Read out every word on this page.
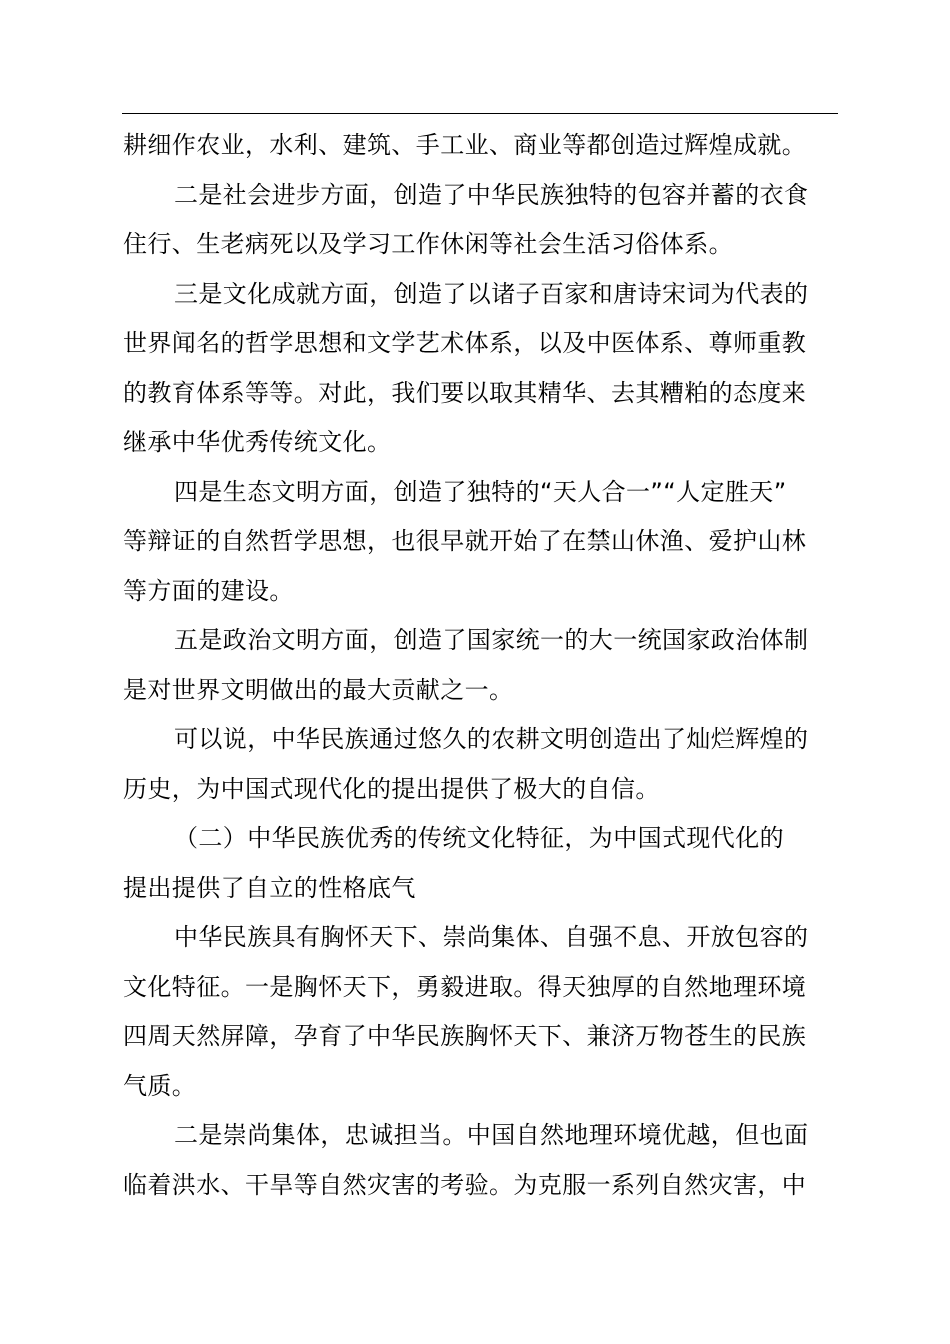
耕细作农业，水利、建筑、手工业、商业等都创造过辉煌成就。

二是社会进步方面，创造了中华民族独特的包容并蓄的衣食
住行、生老病死以及学习工作休闲等社会生活习俗体系。

三是文化成就方面，创造了以诸子百家和唐诗宋词为代表的
世界闻名的哲学思想和文学艺术体系，以及中医体系、尊师重教
的教育体系等等。对此，我们要以取其精华、去其糟粕的态度来
继承中华优秀传统文化。

四是生态文明方面，创造了独特的“天人合一”“人定胜天”
等辩证的自然哲学思想，也很早就开始了在禁山休渔、爱护山林
等方面的建设。

五是政治文明方面，创造了国家统一的大一统国家政治体制
是对世界文明做出的最大贡献之一。

可以说，中华民族通过悠久的农耕文明创造出了灿烂辉煌的
历史，为中国式现代化的提出提供了极大的自信。

（二）中华民族优秀的传统文化特征，为中国式现代化的
提出提供了自立的性格底气

中华民族具有胸怀天下、崇尚集体、自强不息、开放包容的
文化特征。一是胸怀天下，勇毅进取。得天独厚的自然地理环境
四周天然屏障，孕育了中华民族胸怀天下、兼济万物苍生的民族
气质。

二是崇尚集体，忠诚担当。中国自然地理环境优越，但也面
临着洪水、干旱等自然灾害的考验。为克服一系列自然灾害，中
